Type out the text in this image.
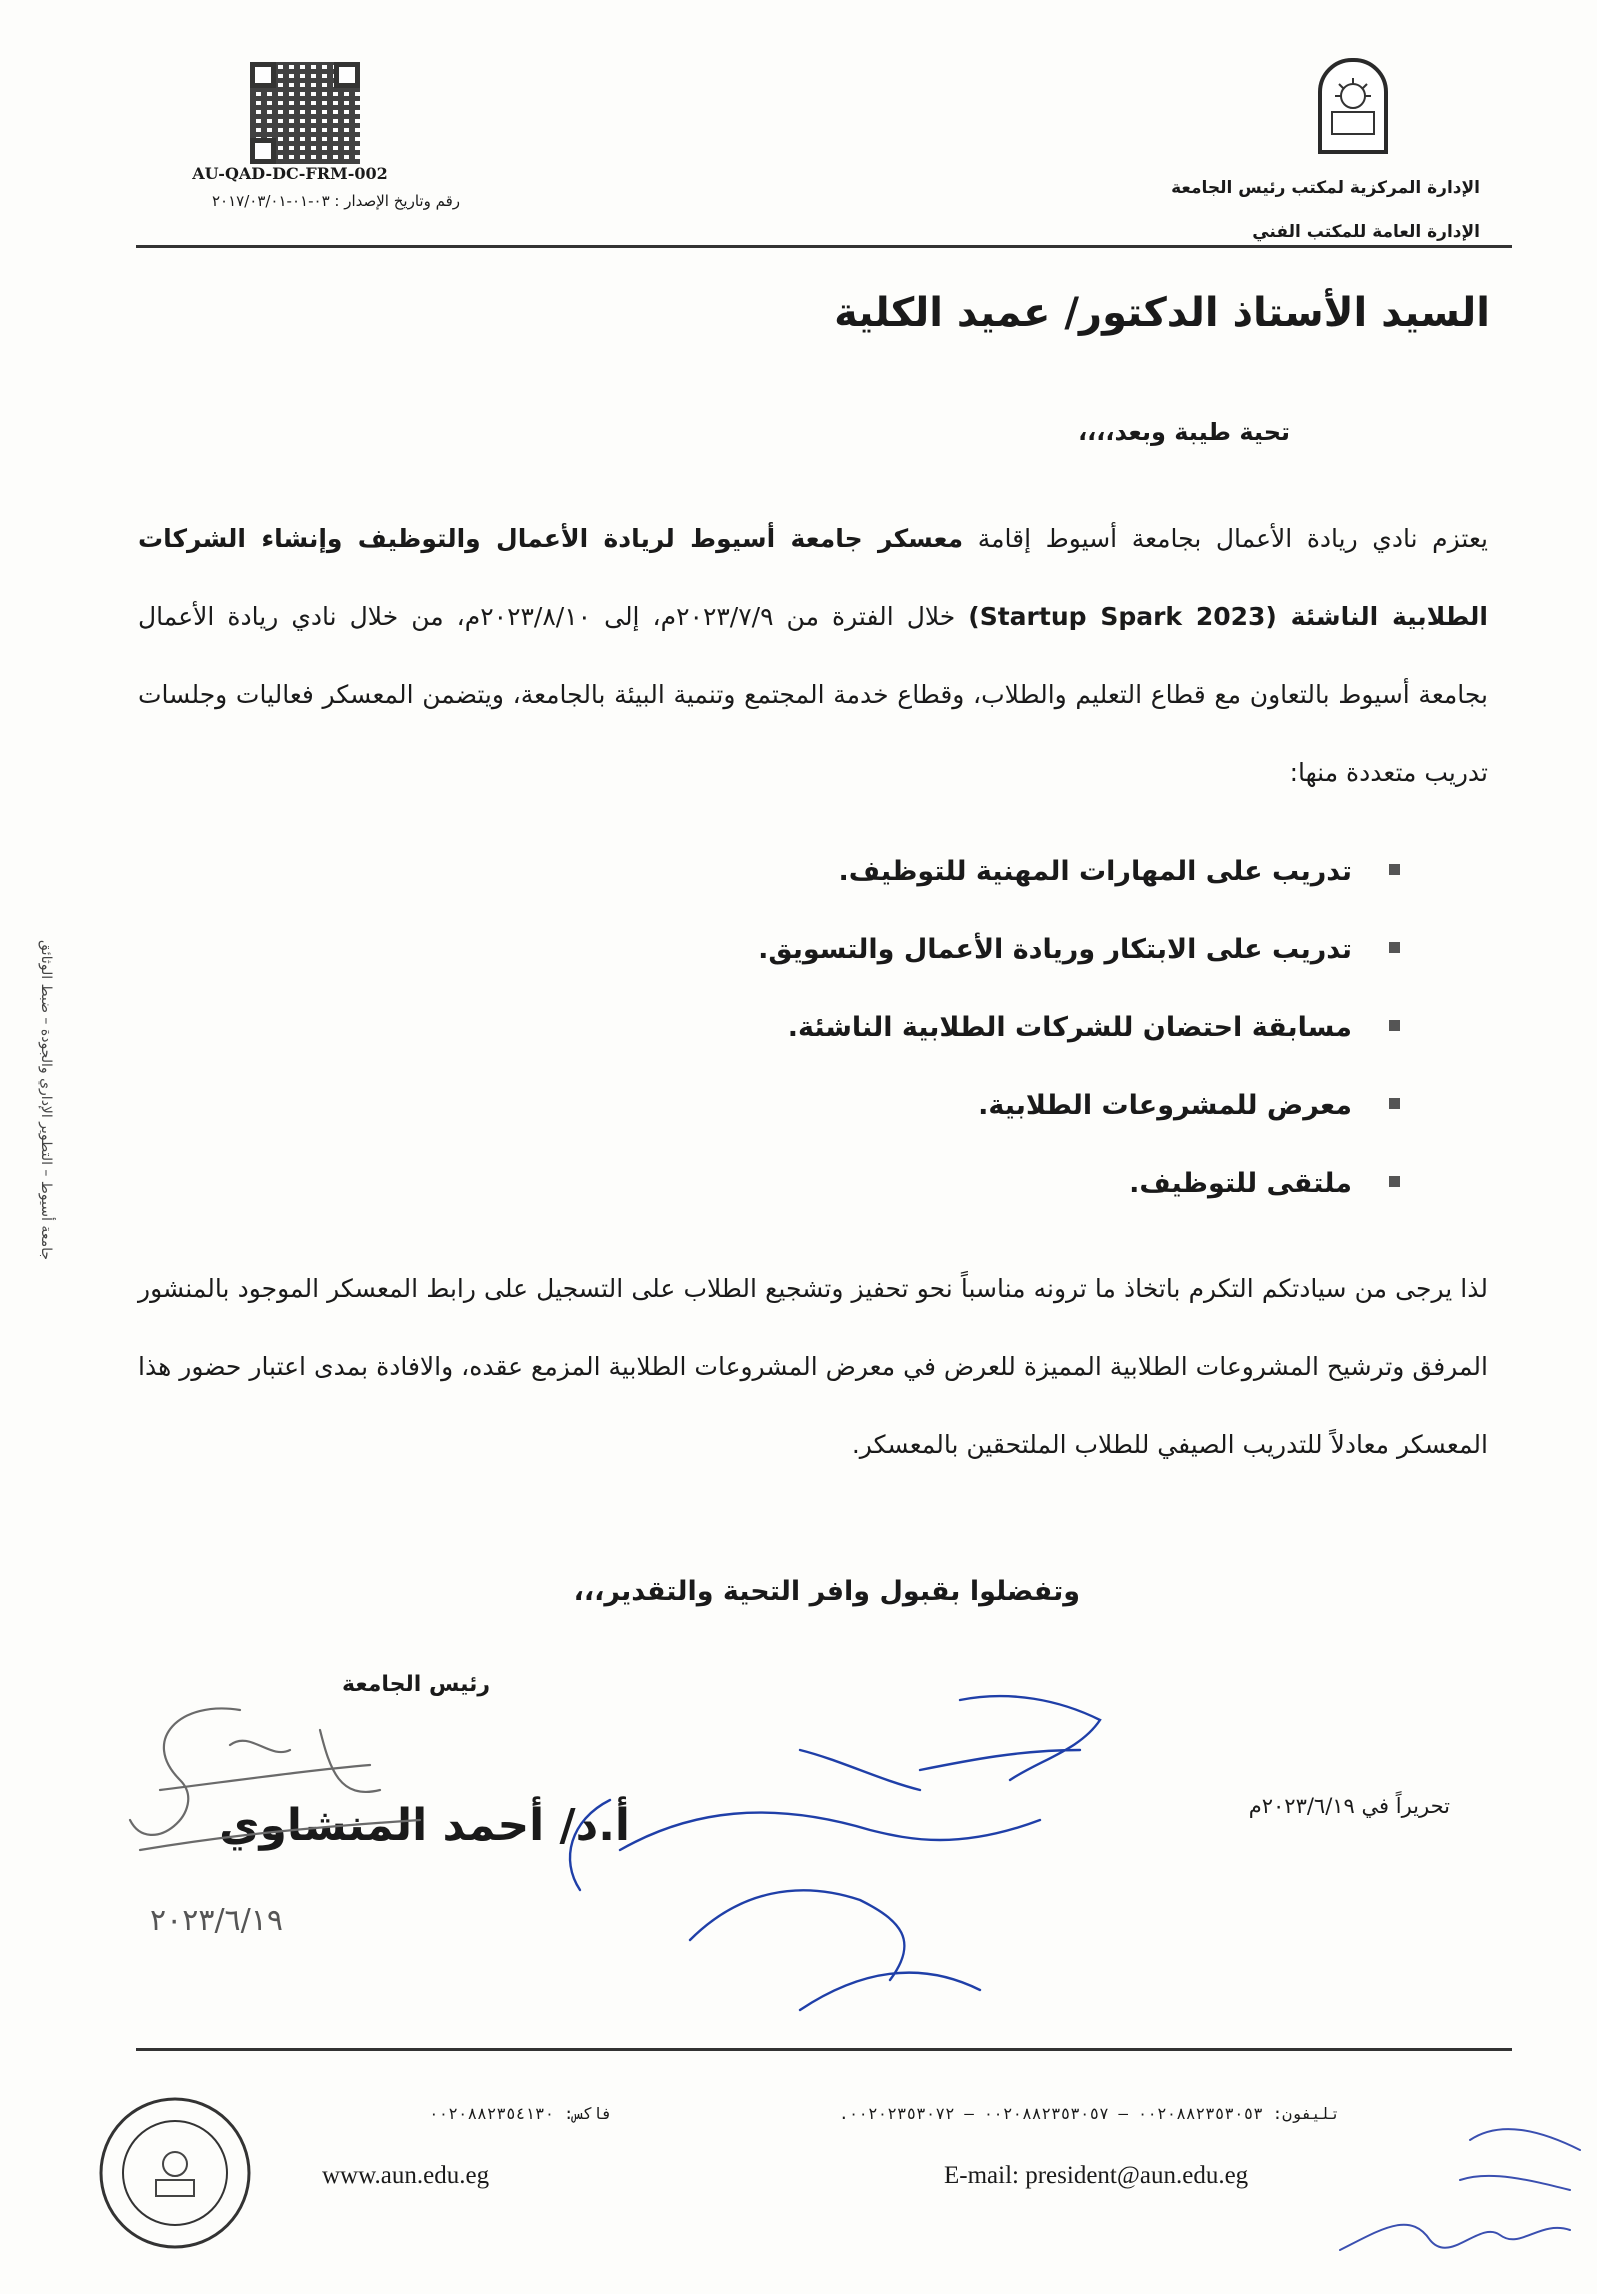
AU-QAD-DC-FRM-002
رقم وتاريخ الإصدار : ٠٣-٠١-٢٠١٧/٠٣/٠١
الإدارة المركزية لمكتب رئيس الجامعة
الإدارة العامة للمكتب الفني
السيد الأستاذ الدكتور/ عميد الكلية
تحية طيبة وبعد،،،،
يعتزم نادي ريادة الأعمال بجامعة أسيوط إقامة معسكر جامعة أسيوط لريادة الأعمال والتوظيف وإنشاء الشركات الطلابية الناشئة (Startup Spark 2023) خلال الفترة من ٢٠٢٣/٧/٩م، إلى ٢٠٢٣/٨/١٠م، من خلال نادي ريادة الأعمال بجامعة أسيوط بالتعاون مع قطاع التعليم والطلاب، وقطاع خدمة المجتمع وتنمية البيئة بالجامعة، ويتضمن المعسكر فعاليات وجلسات تدريب متعددة منها:
تدريب على المهارات المهنية للتوظيف.
تدريب على الابتكار وريادة الأعمال والتسويق.
مسابقة احتضان للشركات الطلابية الناشئة.
معرض للمشروعات الطلابية.
ملتقى للتوظيف.
لذا يرجى من سيادتكم التكرم باتخاذ ما ترونه مناسباً نحو تحفيز وتشجيع الطلاب على التسجيل على رابط المعسكر الموجود بالمنشور المرفق وترشيح المشروعات الطلابية المميزة للعرض في معرض المشروعات الطلابية المزمع عقده، والافادة بمدى اعتبار حضور هذا المعسكر معادلاً للتدريب الصيفي للطلاب الملتحقين بالمعسكر.
وتفضلوا بقبول وافر التحية والتقدير،،،
رئيس الجامعة
أ.د/ أحمد المنشاوي	تحريراً في ٢٠٢٣/٦/١٩م
٢٠٢٣/٦/١٩
جامعة أسيوط – التطوير الإداري والجودة – ضبط الوثائق
تليفون: ٠٠٢٠٨٨٢٣٥٣٠٥٣ – ٠٠٢٠٨٨٢٣٥٣٠٥٧ – ٠٠٢٠٢٣٥٣٠٧٢.
فاكس: ٠٠٢٠٨٨٢٣٥٤١٣٠
www.aun.edu.eg	E-mail: president@aun.edu.eg
